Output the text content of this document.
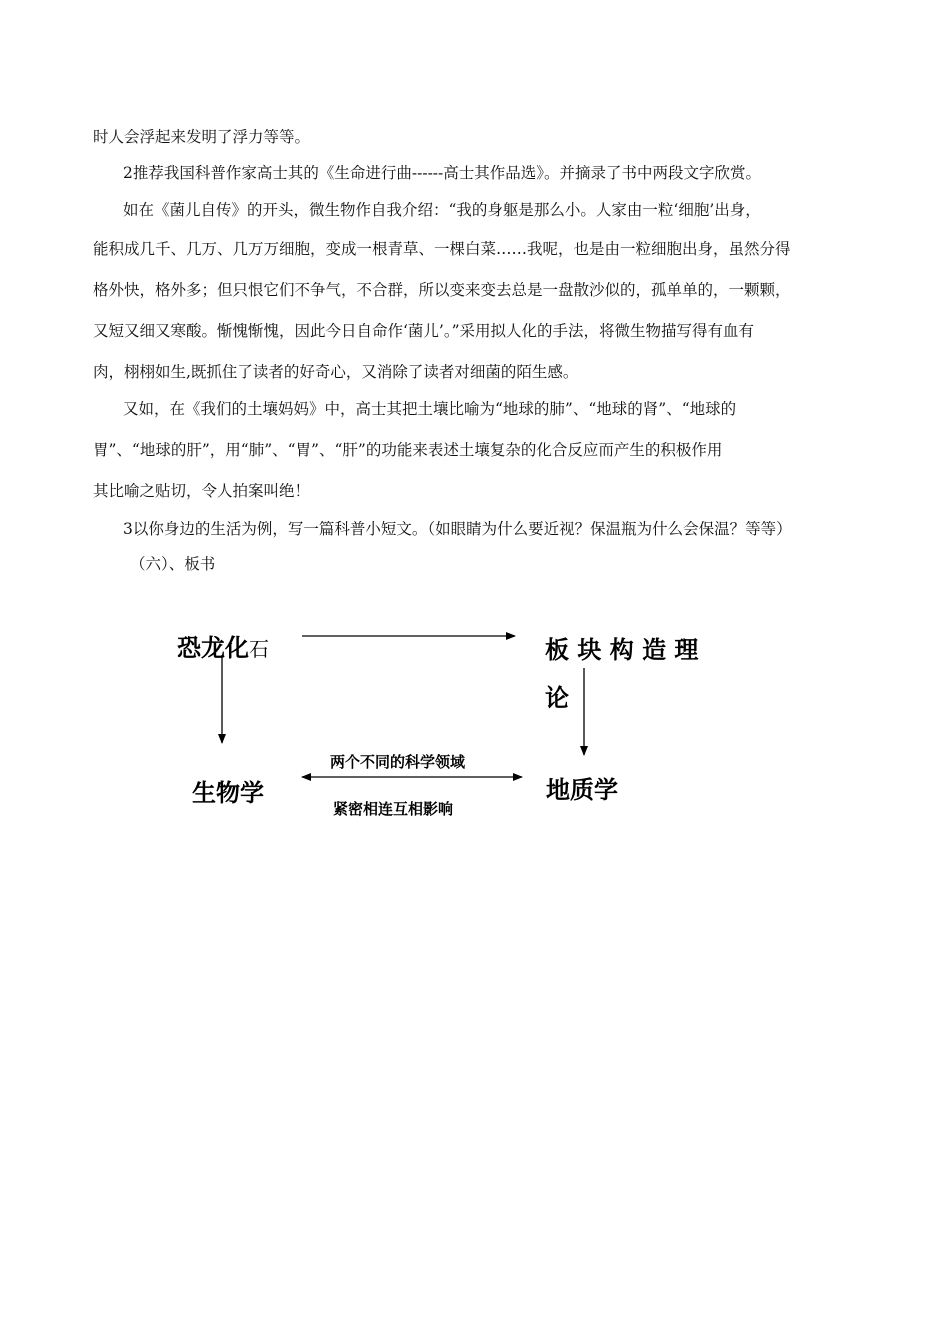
时人会浮起来发明了浮力等等。
2推荐我国科普作家高士其的《生命进行曲------高士其作品选》。并摘录了书中两段文字欣赏。
如在《菌儿自传》的开头，微生物作自我介绍：“我的身躯是那么小。人家由一粒‘细胞’出身，
能积成几千、几万、几万万细胞，变成一根青草、一棵白菜……我呢，也是由一粒细胞出身，虽然分得
格外快，格外多；但只恨它们不争气，不合群，所以变来变去总是一盘散沙似的，孤单单的，一颗颗，
又短又细又寒酸。惭愧惭愧，因此今日自命作‘菌儿’。”采用拟人化的手法，将微生物描写得有血有
肉，栩栩如生,既抓住了读者的好奇心，又消除了读者对细菌的陌生感。
又如，在《我们的土壤妈妈》中，高士其把土壤比喻为“地球的肺”、“地球的肾”、“地球的
胃”、“地球的肝”，用“肺”、“胃”、“肝”的功能来表述土壤复杂的化合反应而产生的积极作用
其比喻之贴切，令人拍案叫绝！
3以你身边的生活为例，写一篇科普小短文。（如眼睛为什么要近视？保温瓶为什么会保温？等等）
（六）、板书
恐龙化石	板 块 构 造 理
论
生物学	地质学
两个不同的科学领域
紧密相连互相影响
